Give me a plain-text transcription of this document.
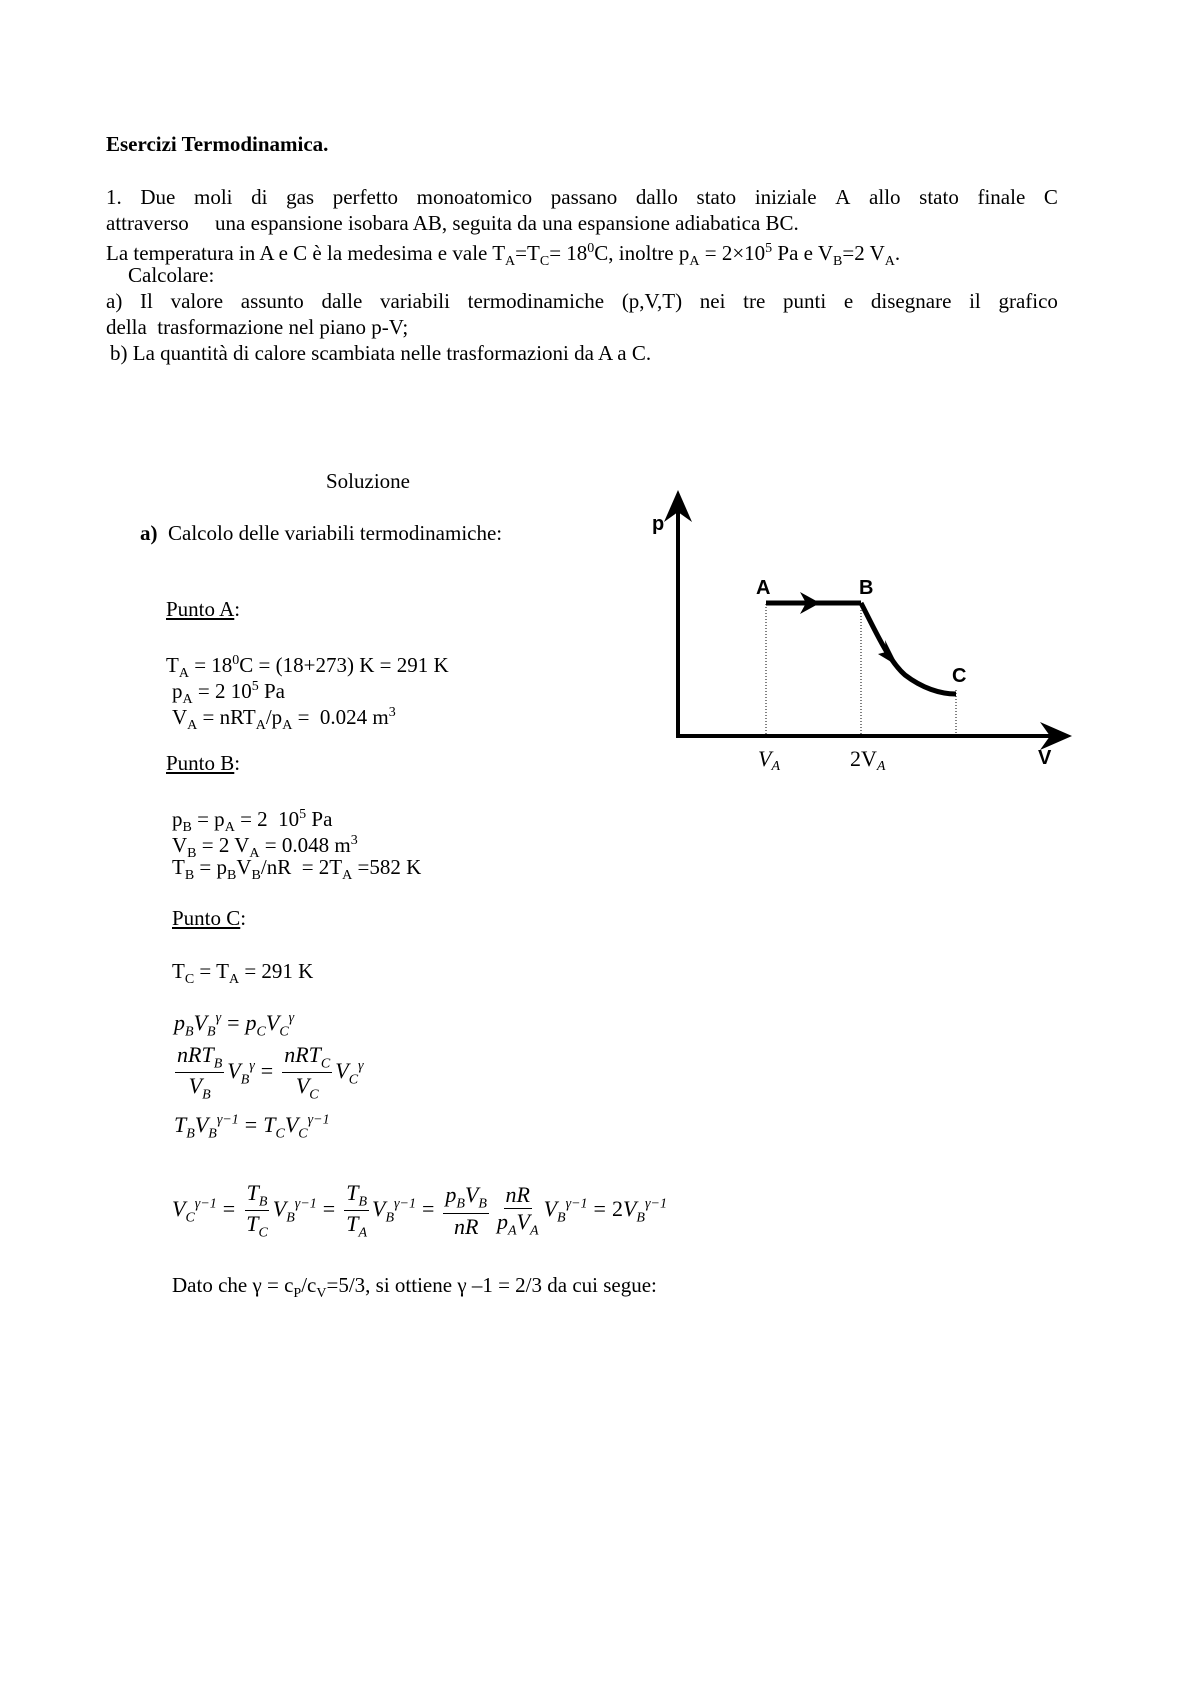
Esercizi Termodinamica.
1. Due moli di gas perfetto monoatomico passano dallo stato iniziale A allo stato finale C
attraverso     una espansione isobara AB, seguita da una espansione adiabatica BC.
La temperatura in A e C è la medesima e vale $T_A=T_C= 18^0C$, inoltre $p_A = 2\times 10^5$ Pa e $V_B=2$ $V_A$.
Calcolare:
a) Il valore assunto dalle variabili termodinamiche (p,V,T) nei tre punti e disegnare il grafico
della  trasformazione nel piano p-V;
b) La quantità di calore scambiata nelle trasformazioni da A a C.
Soluzione
a) Calcolo delle variabili termodinamiche:
Punto A:
$T_A = 18^0C = (18+273) K = 291$ K
$p_A = 2$ $10^5$ Pa
$V_A = nRT_A/p_A = 0.024$ $m^3$
Punto B:
$p_B = p_A = 2$  $10^5$ Pa
$V_B = 2$ $V_A = 0.048$ $m^3$
$T_B = p_BV_B/nR = 2T_A =582$ K
Punto C:
$T_C = T_A = 291$ K
$p_BV_B^\gamma = p_CV_C^\gamma$
$\frac{nRT_B}{V_B} V_B^\gamma = \frac{nRT_C}{V_C} V_C^\gamma$
$T_BV_B^{\gamma-1} = T_CV_C^{\gamma-1}$
$V_C^{\gamma-1} = \frac{T_B}{T_C} V_B^{\gamma-1} = \frac{T_B}{T_A} V_B^{\gamma-1} = \frac{p_BV_B}{nR} \frac{nR}{p_AV_A} V_B^{\gamma-1} = 2V_B^{\gamma-1}$
Dato che $\gamma = c_P/c_V=5/3$, si ottiene γ –1 = 2/3 da cui segue:
p
V
A	B
C
VA	2VA
